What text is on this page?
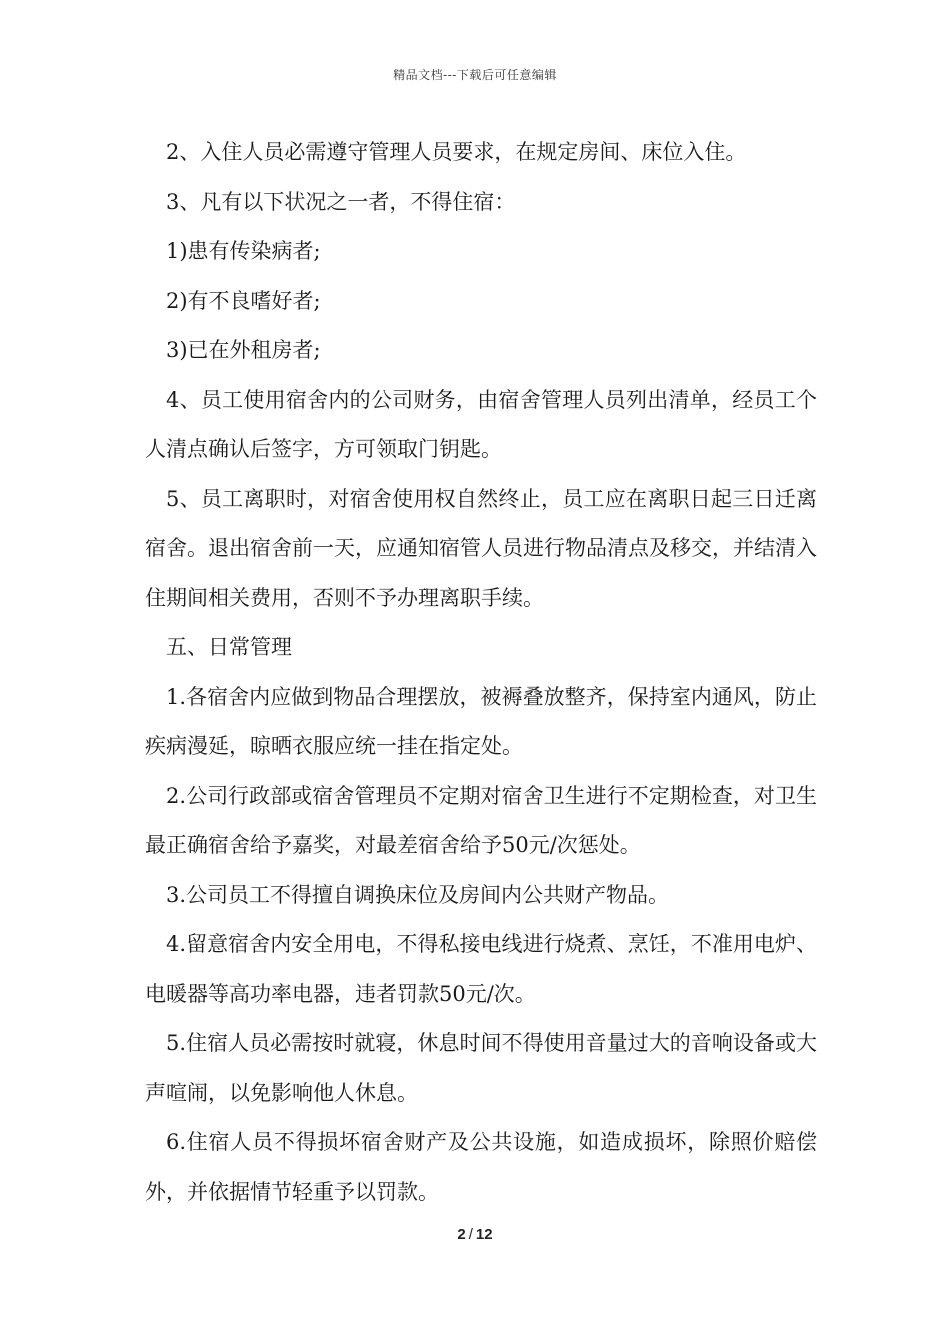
精品文档---下载后可任意编辑

2、入住人员必需遵守管理人员要求，在规定房间、床位入住。

3、凡有以下状况之一者，不得住宿：

1)患有传染病者;

2)有不良嗜好者;

3)已在外租房者;

4、员工使用宿舍内的公司财务，由宿舍管理人员列出清单，经员工个人清点确认后签字，方可领取门钥匙。

5、员工离职时，对宿舍使用权自然终止，员工应在离职日起三日迁离宿舍。退出宿舍前一天，应通知宿管人员进行物品清点及移交，并结清入住期间相关费用，否则不予办理离职手续。

五、日常管理

1.各宿舍内应做到物品合理摆放，被褥叠放整齐，保持室内通风，防止疾病漫延，晾晒衣服应统一挂在指定处。

2.公司行政部或宿舍管理员不定期对宿舍卫生进行不定期检查，对卫生最正确宿舍给予嘉奖，对最差宿舍给予50元/次惩处。

3.公司员工不得擅自调换床位及房间内公共财产物品。

4.留意宿舍内安全用电，不得私接电线进行烧煮、烹饪，不准用电炉、电暖器等高功率电器，违者罚款50元/次。

5.住宿人员必需按时就寝，休息时间不得使用音量过大的音响设备或大声喧闹，以免影响他人休息。

6.住宿人员不得损坏宿舍财产及公共设施，如造成损坏，除照价赔偿外，并依据情节轻重予以罚款。

2 / 12
